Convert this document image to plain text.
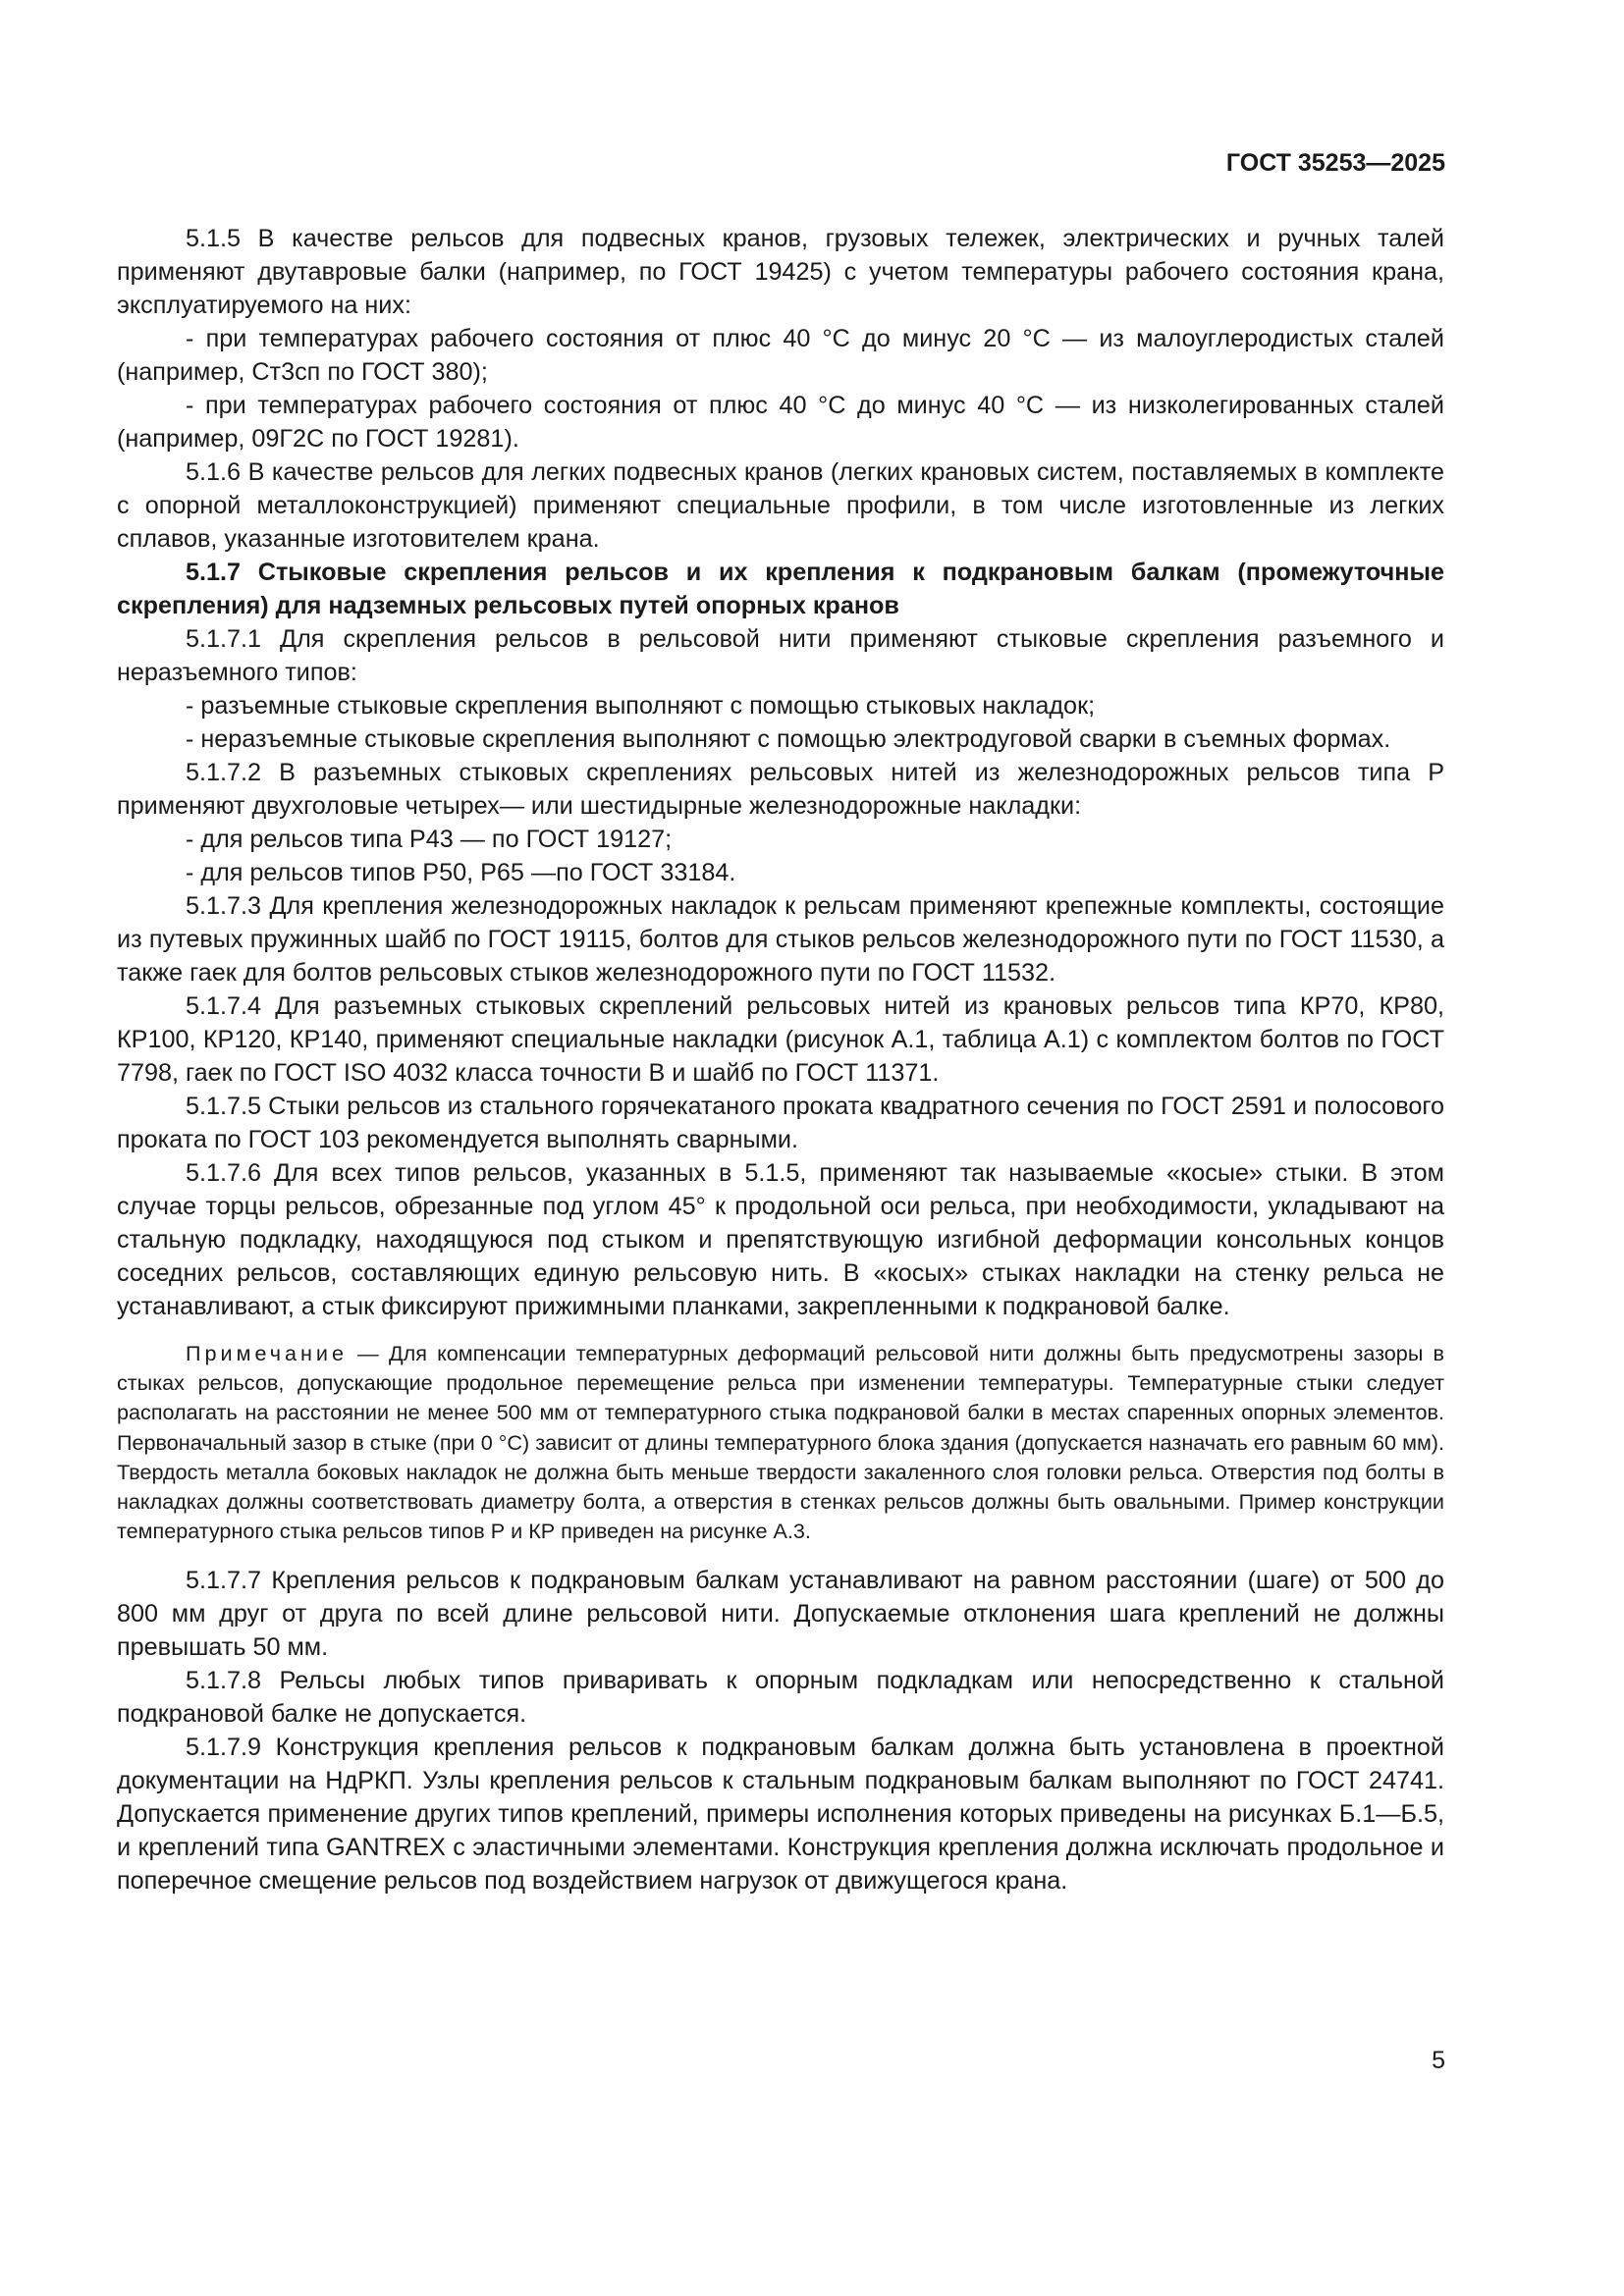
ГОСТ 35253—2025

5.1.5 В качестве рельсов для подвесных кранов, грузовых тележек, электрических и ручных талей применяют двутавровые балки (например, по ГОСТ 19425) с учетом температуры рабочего состояния крана, эксплуатируемого на них:

- при температурах рабочего состояния от плюс 40 °С до минус 20 °С — из малоуглеродистых сталей (например, Ст3сп по ГОСТ 380);

- при температурах рабочего состояния от плюс 40 °С до минус 40 °С — из низколегированных сталей (например, 09Г2С по ГОСТ 19281).

5.1.6 В качестве рельсов для легких подвесных кранов (легких крановых систем, поставляемых в комплекте с опорной металлоконструкцией) применяют специальные профили, в том числе изготовленные из легких сплавов, указанные изготовителем крана.

5.1.7 Стыковые скрепления рельсов и их крепления к подкрановым балкам (промежуточные скрепления) для надземных рельсовых путей опорных кранов

5.1.7.1 Для скрепления рельсов в рельсовой нити применяют стыковые скрепления разъемного и неразъемного типов:

- разъемные стыковые скрепления выполняют с помощью стыковых накладок;

- неразъемные стыковые скрепления выполняют с помощью электродуговой сварки в съемных формах.

5.1.7.2 В разъемных стыковых скреплениях рельсовых нитей из железнодорожных рельсов типа Р применяют двухголовые четырех— или шестидырные железнодорожные накладки:

- для рельсов типа Р43 — по ГОСТ 19127;

- для рельсов типов Р50, Р65 —по ГОСТ 33184.

5.1.7.3 Для крепления железнодорожных накладок к рельсам применяют крепежные комплекты, состоящие из путевых пружинных шайб по ГОСТ 19115, болтов для стыков рельсов железнодорожного пути по ГОСТ 11530, а также гаек для болтов рельсовых стыков железнодорожного пути по ГОСТ 11532.

5.1.7.4 Для разъемных стыковых скреплений рельсовых нитей из крановых рельсов типа КР70, КР80, КР100, КР120, КР140, применяют специальные накладки (рисунок А.1, таблица А.1) с комплектом болтов по ГОСТ 7798, гаек по ГОСТ ISO 4032 класса точности В и шайб по ГОСТ 11371.

5.1.7.5 Стыки рельсов из стального горячекатаного проката квадратного сечения по ГОСТ 2591 и полосового проката по ГОСТ 103 рекомендуется выполнять сварными.

5.1.7.6 Для всех типов рельсов, указанных в 5.1.5, применяют так называемые «косые» стыки. В этом случае торцы рельсов, обрезанные под углом 45° к продольной оси рельса, при необходимости, укладывают на стальную подкладку, находящуюся под стыком и препятствующую изгибной деформации консольных концов соседних рельсов, составляющих единую рельсовую нить. В «косых» стыках накладки на стенку рельса не устанавливают, а стык фиксируют прижимными планками, закрепленными к подкрановой балке.

Примечание — Для компенсации температурных деформаций рельсовой нити должны быть предусмотрены зазоры в стыках рельсов, допускающие продольное перемещение рельса при изменении температуры. Температурные стыки следует располагать на расстоянии не менее 500 мм от температурного стыка подкрановой балки в местах спаренных опорных элементов. Первоначальный зазор в стыке (при 0 °С) зависит от длины температурного блока здания (допускается назначать его равным 60 мм). Твердость металла боковых накладок не должна быть меньше твердости закаленного слоя головки рельса. Отверстия под болты в накладках должны соответствовать диаметру болта, а отверстия в стенках рельсов должны быть овальными. Пример конструкции температурного стыка рельсов типов Р и КР приведен на рисунке А.3.

5.1.7.7 Крепления рельсов к подкрановым балкам устанавливают на равном расстоянии (шаге) от 500 до 800 мм друг от друга по всей длине рельсовой нити. Допускаемые отклонения шага креплений не должны превышать 50 мм.

5.1.7.8 Рельсы любых типов приваривать к опорным подкладкам или непосредственно к стальной подкрановой балке не допускается.

5.1.7.9 Конструкция крепления рельсов к подкрановым балкам должна быть установлена в проектной документации на НдРКП. Узлы крепления рельсов к стальным подкрановым балкам выполняют по ГОСТ 24741. Допускается применение других типов креплений, примеры исполнения которых приведены на рисунках Б.1—Б.5, и креплений типа GANTREX с эластичными элементами. Конструкция крепления должна исключать продольное и поперечное смещение рельсов под воздействием нагрузок от движущегося крана.

5
